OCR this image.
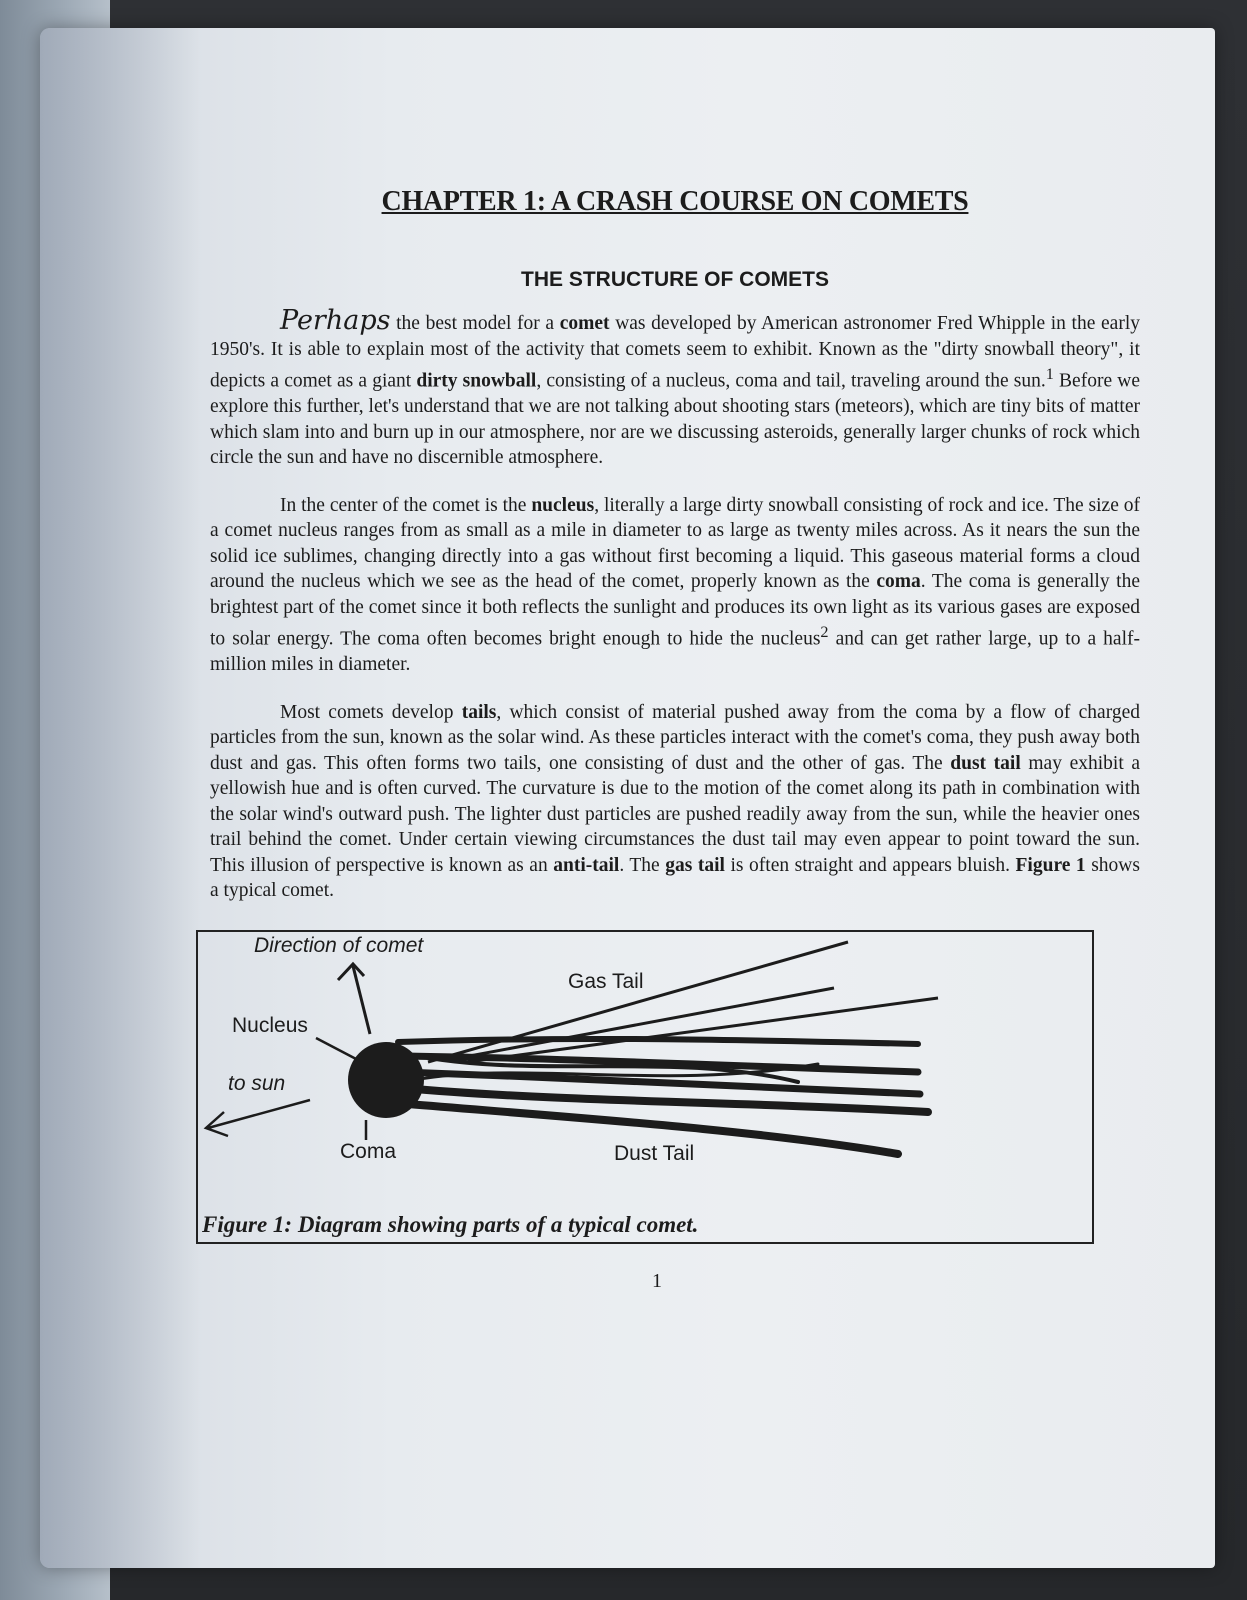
CHAPTER 1: A CRASH COURSE ON COMETS
THE STRUCTURE OF COMETS

Perhaps the best model for a comet was developed by American astronomer Fred Whipple in the early 1950's. It is able to explain most of the activity that comets seem to exhibit. Known as the "dirty snowball theory", it depicts a comet as a giant dirty snowball, consisting of a nucleus, coma and tail, traveling around the sun.$^1$ Before we explore this further, let's understand that we are not talking about shooting stars (meteors), which are tiny bits of matter which slam into and burn up in our atmosphere, nor are we discussing asteroids, generally larger chunks of rock which circle the sun and have no discernible atmosphere.

In the center of the comet is the nucleus, literally a large dirty snowball consisting of rock and ice. The size of a comet nucleus ranges from as small as a mile in diameter to as large as twenty miles across. As it nears the sun the solid ice sublimes, changing directly into a gas without first becoming a liquid. This gaseous material forms a cloud around the nucleus which we see as the head of the comet, properly known as the coma. The coma is generally the brightest part of the comet since it both reflects the sunlight and produces its own light as its various gases are exposed to solar energy. The coma often becomes bright enough to hide the nucleus$^2$ and can get rather large, up to a half-million miles in diameter.

Most comets develop tails, which consist of material pushed away from the coma by a flow of charged particles from the sun, known as the solar wind. As these particles interact with the comet's coma, they push away both dust and gas. This often forms two tails, one consisting of dust and the other of gas. The dust tail may exhibit a yellowish hue and is often curved. The curvature is due to the motion of the comet along its path in combination with the solar wind's outward push. The lighter dust particles are pushed readily away from the sun, while the heavier ones trail behind the comet. Under certain viewing circumstances the dust tail may even appear to point toward the sun. This illusion of perspective is known as an anti-tail. The gas tail is often straight and appears bluish. Figure 1 shows a typical comet.

Direction of comet
Gas Tail
Nucleus
to sun
Coma	Dust Tail
Figure 1: Diagram showing parts of a typical comet.
1
